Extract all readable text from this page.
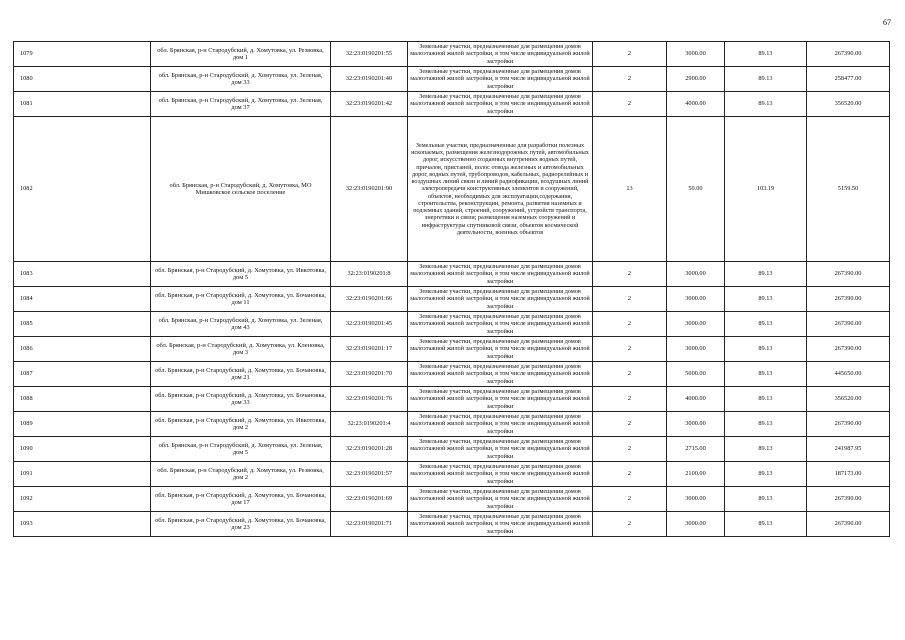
67
1079	обл. Брянская, р-н Стародубский, д. Хомутовка, ул. Резвовка, дом 1	32:23:0190201:55	Земельные участки, предназначенные для размещения домов малоэтажной жилой застройки, в том числе индивидуальной жилой застройки	2	3000.00	89.13	267390.00
1080	обл. Брянская, р-н Стародубский, д. Хомутовка, ул. Зеленая, дом 33	32:23:0190201:40	Земельные участки, предназначенные для размещения домов малоэтажной жилой застройки, в том числе индивидуальной жилой застройки	2	2900.00	89.13	258477.00
1081	обл. Брянская, р-н Стародубский, д. Хомутовка, ул. Зеленая, дом 37	32:23:0190201:42	Земельные участки, предназначенные для размещения домов малоэтажной жилой застройки, в том числе индивидуальной жилой застройки	2	4000.00	89.13	356520.00
1082	обл. Брянская, р-н Стародубский, д. Хомутовка, МО Мишковское сельское поселение	32:23:0190201:90	Земельные участки, предназначенные для разработки полезных ископаемых, размещения железнодорожных путей, автомобильных дорог, искусственно созданных внутренних водных путей, причалов, пристаней, полос отвода железных и автомобильных дорог, водных путей, трубопроводов, кабельных, радиорелейных и воздушных линий связи и линий радиофикации, воздушных линий электропередачи конструктивных элементов и сооружений, объектов, необходимых для эксплуатации,содержания, строительства, реконструкции, ремонта, развития наземных и подземных зданий, строений, сооружений, устройств транспорта, энергетики и связи; размещения наземных сооружений и инфраструктуры спутниковой связи, объектов космической деятельности, военных объектов	13	50.00	103.19	5159.50
1083	обл. Брянская, р-н Стародубский, д. Хомутовка, ул. Ивкотовка, дом 5	32:23:0190201:8	Земельные участки, предназначенные для размещения домов малоэтажной жилой застройки, в том числе индивидуальной жилой застройки	2	3000.00	89.13	267390.00
1084	обл. Брянская, р-н Стародубский, д. Хомутовка, ул. Бочановка, дом 11	32:23:0190201:66	Земельные участки, предназначенные для размещения домов малоэтажной жилой застройки, в том числе индивидуальной жилой застройки	2	3000.00	89.13	267390.00
1085	обл. Брянская, р-н Стародубский, д. Хомутовка, ул. Зеленая, дом 43	32:23:0190201:45	Земельные участки, предназначенные для размещения домов малоэтажной жилой застройки, в том числе индивидуальной жилой застройки	2	3000.00	89.13	267390.00
1086	обл. Брянская, р-н Стародубский, д. Хомутовка, ул. Кленовка, дом 3	32:23:0190201:17	Земельные участки, предназначенные для размещения домов малоэтажной жилой застройки, в том числе индивидуальной жилой застройки	2	3000.00	89.13	267390.00
1087	обл. Брянская, р-н Стародубский, д. Хомутовка, ул. Бочановка, дом 21	32:23:0190201:70	Земельные участки, предназначенные для размещения домов малоэтажной жилой застройки, в том числе индивидуальной жилой застройки	2	5000.00	89.13	445650.00
1088	обл. Брянская, р-н Стародубский, д. Хомутовка, ул. Бочановка, дом 33	32:23:0190201:76	Земельные участки, предназначенные для размещения домов малоэтажной жилой застройки, в том числе индивидуальной жилой застройки	2	4000.00	89.13	356520.00
1089	обл. Брянская, р-н Стародубский, д. Хомутовка, ул. Ивкотовка, дом 2	32:23:0190201:4	Земельные участки, предназначенные для размещения домов малоэтажной жилой застройки, в том числе индивидуальной жилой застройки	2	3000.00	89.13	267390.00
1090	обл. Брянская, р-н Стародубский, д. Хомутовка, ул. Зеленая, дом 5	32:23:0190201:28	Земельные участки, предназначенные для размещения домов малоэтажной жилой застройки, в том числе индивидуальной жилой застройки	2	2715.00	89.13	241987.95
1091	обл. Брянская, р-н Стародубский, д. Хомутовка, ул. Резвовка, дом 2	32:23:0190201:57	Земельные участки, предназначенные для размещения домов малоэтажной жилой застройки, в том числе индивидуальной жилой застройки	2	2100.00	89.13	187173.00
1092	обл. Брянская, р-н Стародубский, д. Хомутовка, ул. Бочановка, дом 17	32:23:0190201:69	Земельные участки, предназначенные для размещения домов малоэтажной жилой застройки, в том числе индивидуальной жилой застройки	2	3000.00	89.13	267390.00
1093	обл. Брянская, р-н Стародубский, д. Хомутовка, ул. Бочановка, дом 23	32:23:0190201:71	Земельные участки, предназначенные для размещения домов малоэтажной жилой застройки, в том числе индивидуальной жилой застройки	2	3000.00	89.13	267390.00
